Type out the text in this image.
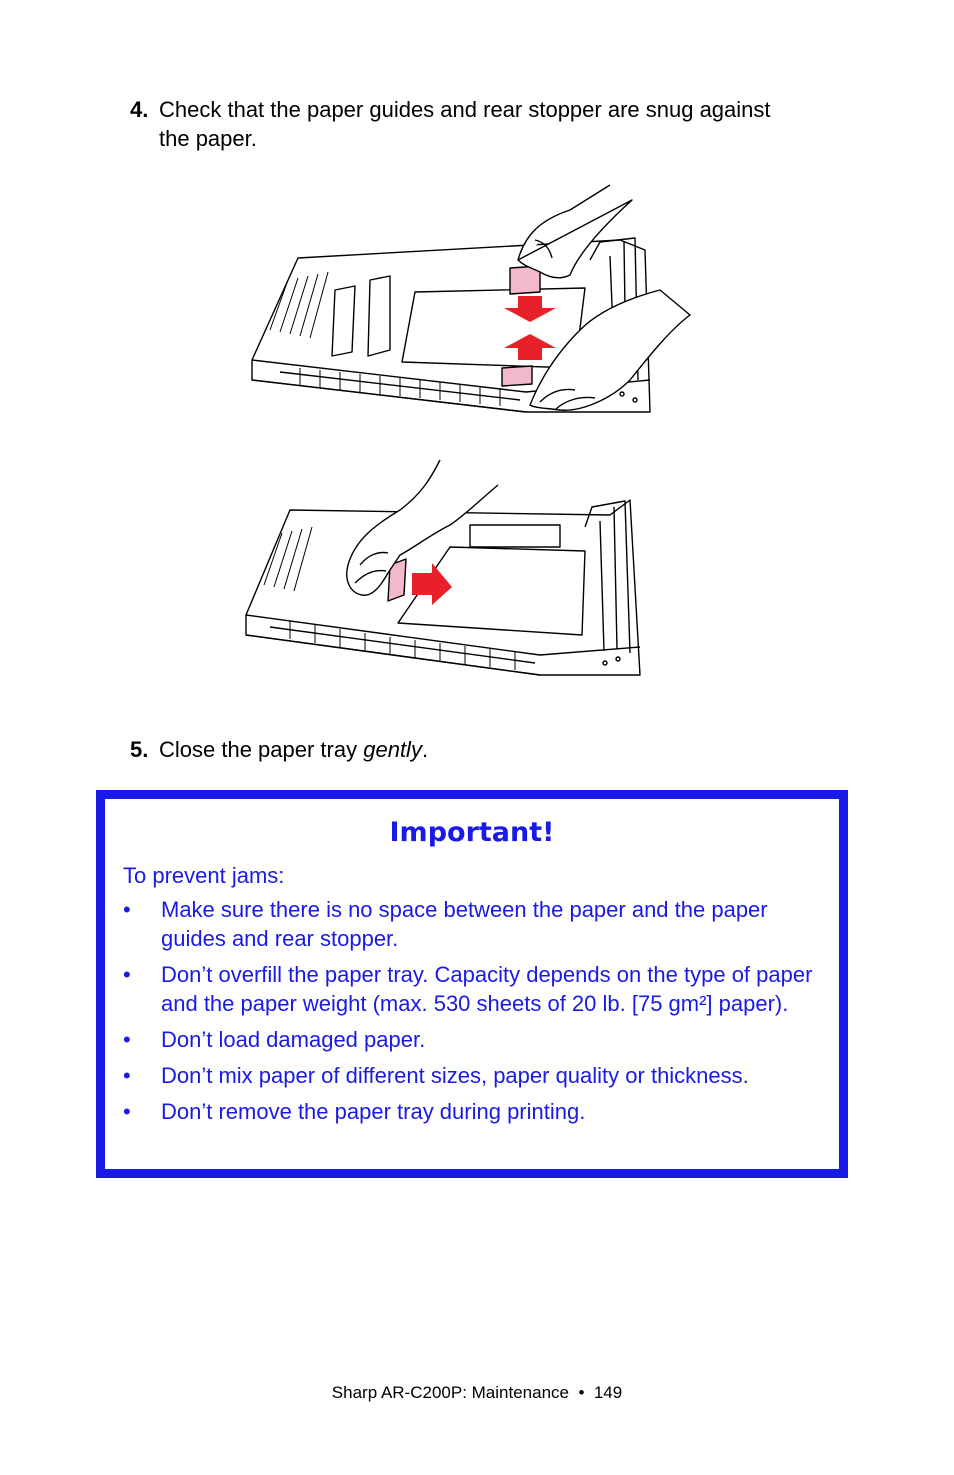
4. Check that the paper guides and rear stopper are snug against
the paper.
5. Close the paper tray gently.
Important!
To prevent jams:
• Make sure there is no space between the paper and the paper guides and rear stopper.
• Don’t overfill the paper tray. Capacity depends on the type of paper and the paper weight (max. 530 sheets of 20 lb. [75 gm²] paper).
• Don’t load damaged paper.
• Don’t mix paper of different sizes, paper quality or thickness.
• Don’t remove the paper tray during printing.
Sharp AR-C200P: Maintenance  •  149
